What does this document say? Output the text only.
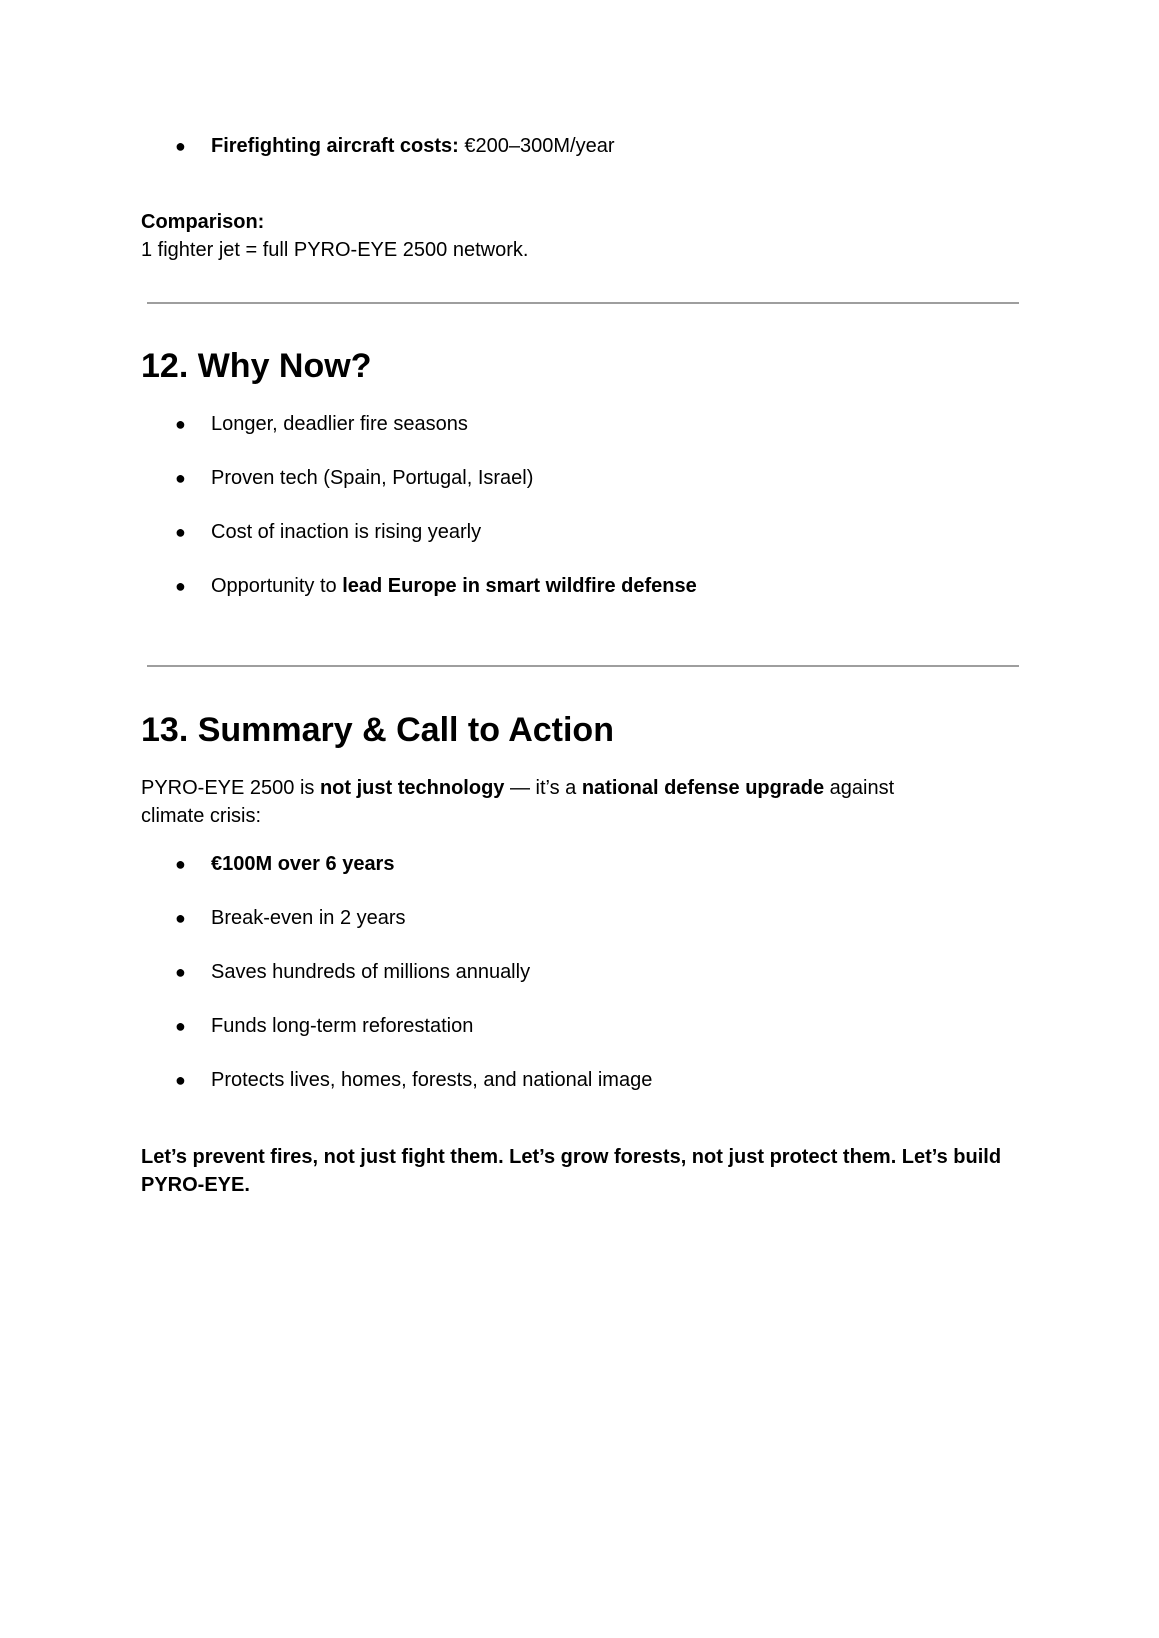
● Firefighting aircraft costs: €200–300M/year
Comparison:
1 fighter jet = full PYRO-EYE 2500 network.
12. Why Now?
● Longer, deadlier fire seasons
● Proven tech (Spain, Portugal, Israel)
● Cost of inaction is rising yearly
● Opportunity to lead Europe in smart wildfire defense
13. Summary & Call to Action
PYRO-EYE 2500 is not just technology — it’s a national defense upgrade against climate crisis:
● €100M over 6 years
● Break-even in 2 years
● Saves hundreds of millions annually
● Funds long-term reforestation
● Protects lives, homes, forests, and national image
Let’s prevent fires, not just fight them. Let’s grow forests, not just protect them. Let’s build PYRO-EYE.
